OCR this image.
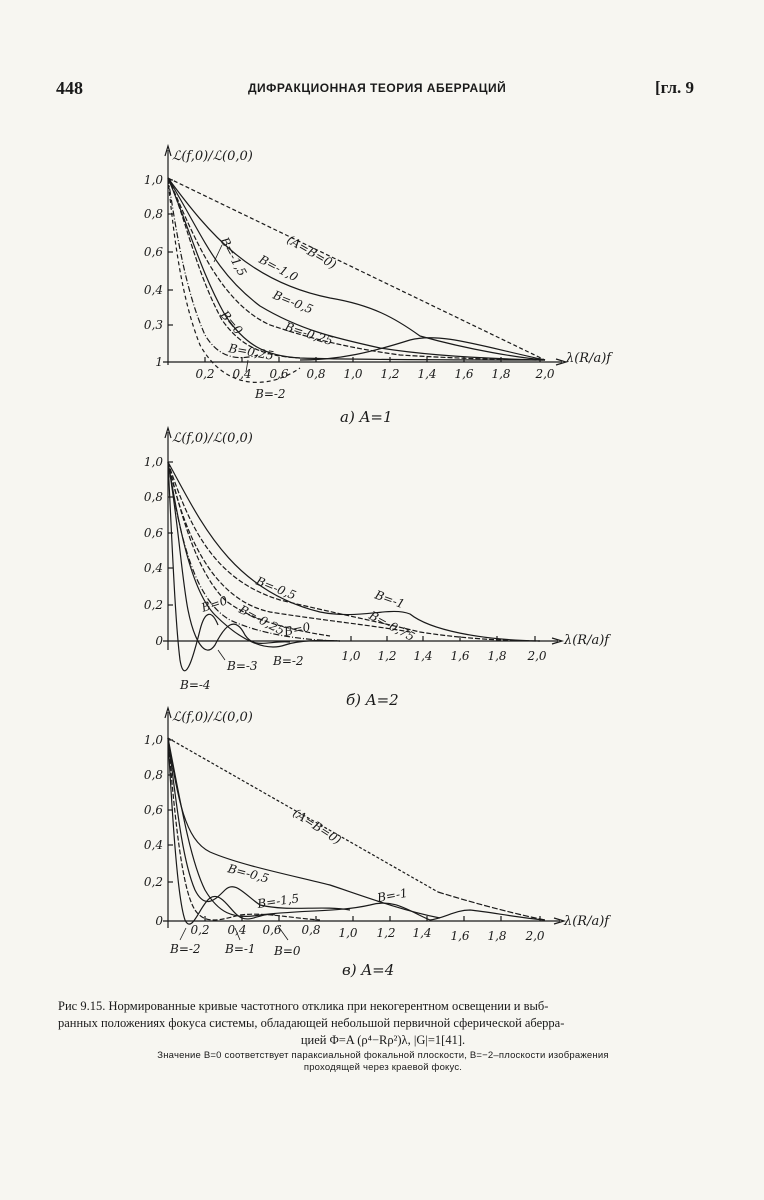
448	ДИФРАКЦИОННАЯ ТЕОРИЯ АБЕРРАЦИЙ	[гл. 9
ℒ(f,0)/ℒ(0,0)
λ(R/a)f
1,0
0,8
0,6
0,4
0,3
1
0,2 0,4 0,6 0,8 1,0 1,2 1,4 1,6 1,8 2,0
(A=B=0)
B=-1,0
B=-1,5
B=-0,5
B=0	B=-0,25
B=0,25
B=-2
a) A=1
ℒ(f,0)/ℒ(0,0)
λ(R/a)f
1,0
0,8
0,6
0,4
0,2
0
1,0 1,2 1,4 1,6 1,8 2,0
B=-0,5	B=-1
B=-0,75
B=0 B=-0,25
B=0
B=-3 B=-2
B=-4
б) A=2
ℒ(f,0)/ℒ(0,0)
λ(R/a)f
1,0
0,8
0,6
0,4
0,2
0
0,2 0,4 0,6 0,8 1,0 1,2 1,4 1,6 1,8 2,0
(A=B=0)
B=-0,5
B=-1,5	B=-1
B=-2 B=-1 B=0
в) A=4

Рис 9.15. Нормированные кривые частотного отклика при некогерентном освещении и выб-

ранных положениях фокуса системы, обладающей небольшой первичной сферической аберра-

цией Φ=A (ρ⁴−Rρ²)λ, |G|=1[41].

Значение B=0 соответствует параксиальной фокальной плоскости, B=−2–плоскости изображения

проходящей через краевой фокус.
